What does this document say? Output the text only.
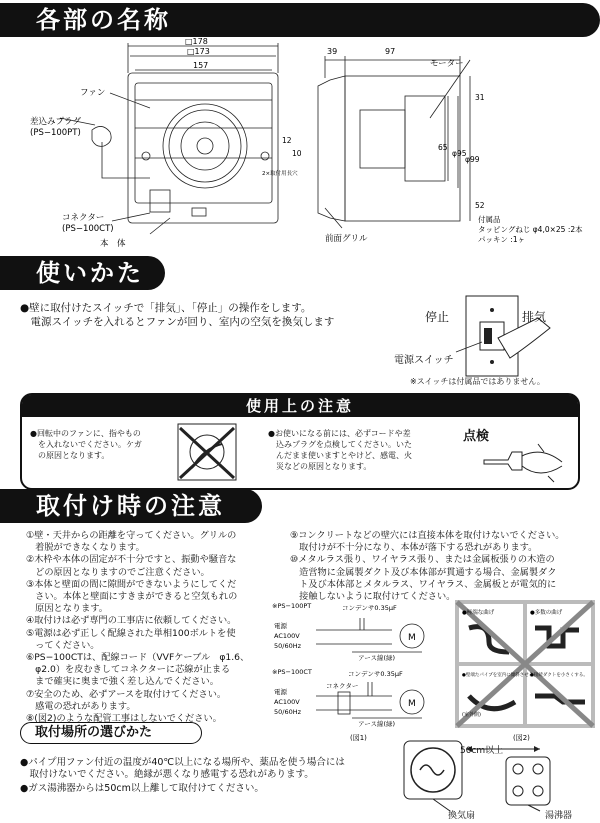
各部の名称
□178
□173
157
39	97
31
65
φ95
φ99
52
10
12
2×取付用長穴
ファン
差込みプラグ
(PS−100PT)
コネクター
(PS−100CT)
本　体
モーター
前面グリル
付属品
タッピングねじ φ4,0×25 :2本
パッキン :1ヶ
使いかた
●壁に取付けたスイッチで「排気」、「停止」の操作をします。
　電源スイッチを入れるとファンが回り、室内の空気を換気します	停止	排気
電源スイッチ
※スイッチは付属品ではありません。
使用上の注意
●回転中のファンに、指やもの
　を入れないでください。ケガ
　の原因となります。
●お使いになる前には、必ずコードや差
　込みプラグを点検してください。いた
　んだまま使いますとやけど、感電、火
　災などの原因となります。
点検
取付け時の注意
①壁・天井からの距離を守ってください。グリルの
　着脱ができなくなります。
②木枠や本体の固定が不十分ですと、振動や騒音な
　どの原因となりますのでご注意ください。
③本体と壁面の間に隙間ができないようにしてくだ
　さい。本体と壁面にすきまができると空気もれの
　原因となります。
④取付けは必ず専門の工事店に依頼してください。
⑤電源は必ず正しく配線された単相100ボルトを使
　ってください。
⑥PS−100CTは、配線コード（VVFケーブル　φ1.6、
　φ2.0）を皮むきしてコネクターに芯線が止まる
　まで確実に奥まで強く差し込んでください。
⑦安全のため、必ずアースを取付けてください。
　感電の恐れがあります。
⑧(図2)のような配管工事はしないでください。
⑨コンクリートなどの壁穴には直接本体を取付けないでください。
　取付けが不十分になり、本体が落下する恐れがあります。
⑩メタルラス張り、ワイヤラス張り、または金属板張りの木造の
　造営物に金属製ダクト及び本体部が貫通する場合、金属製ダク
　ト及び本体部とメタルラス、ワイヤラス、金属板とが電気的に
　接触しないように取付けてください。
※PS−100PT	コンデンサ0.35μF
電源
AC100V
50/60Hz
M
アース線(緑)
※PS−100CT	コンデンサ0.35μF
コネクター
電源
AC100V
50/60Hz
M
アース線(緑)
(図1)
●極端な曲げ	●多数の曲げ
●壁端たパイプを室内に傾斜させる。
●接続ダクトを小さくする。
(室外側)
(図2)
取付場所の選びかた
●パイプ用ファン付近の温度が40℃以上になる場所や、薬品を使う場合には
　取付けないでください。絶縁が悪くなり感電する恐れがあります。
●ガス湯沸器からは50cm以上離して取付けてください。
50cm以上
換気扇	湯沸器
